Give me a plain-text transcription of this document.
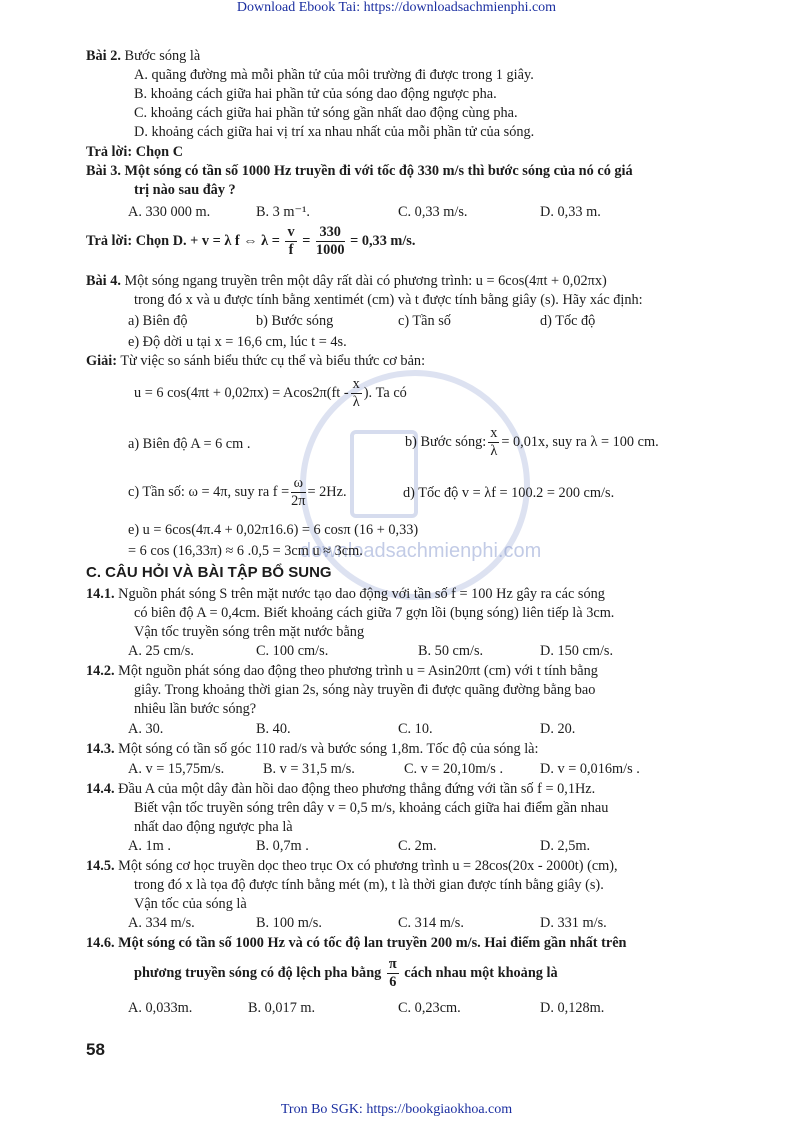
Download Ebook Tai: https://downloadsachmienphi.com
downloadsachmienphi.com
Bài 2. Bước sóng là
A. quãng đường mà mỗi phần tử của môi trường đi được trong 1 giây.
B. khoảng cách giữa hai phần tử của sóng dao động ngược pha.
C. khoảng cách giữa hai phần tử sóng gần nhất dao động cùng pha.
D. khoảng cách giữa hai vị trí xa nhau nhất của mỗi phần tử của sóng.
Trả lời: Chọn C
Bài 3. Một sóng có tần số 1000 Hz truyền đi với tốc độ 330 m/s thì bước sóng của nó có giá
trị nào sau đây ?
A. 330 000 m.	B. 3 m⁻¹.	C. 0,33 m/s.	D. 0,33 m.
Trả lời: Chọn D. + v = λ f ⇔ $\lambda = \frac{v}{f} = \frac{330}{1000} = 0,33$ m/s.
Bài 4. Một sóng ngang truyền trên một dây rất dài có phương trình: u = 6cos(4πt + 0,02πx)
trong đó x và u được tính bằng xentimét (cm) và t được tính bằng giây (s). Hãy xác định:
a) Biên độ	b) Bước sóng	c) Tần số	d) Tốc độ
e) Độ dời u tại x = 16,6 cm, lúc t = 4s.
Giải: Từ việc so sánh biểu thức cụ thể và biểu thức cơ bản:
u = 6 $\cos(4\pi t + 0,02\pi x) = Acos2\pi(ft - \frac{x}{\lambda}$ ). Ta có
a) Biên độ A = 6 cm .	b) Bước sóng: $\frac{x}{\lambda} = 0,01x$, suy ra λ = 100 cm.
c) Tần số: ω = 4π, suy ra $f = \frac{\omega}{2\pi} = 2Hz$.	d) Tốc độ v = λf = 100.2 = 200 cm/s.
e) u = 6cos(4π.4 + 0,02π16.6) = 6 cosπ (16 + 0,33)
= 6 cos (16,33π) ≈ 6 .0,5 = 3cm u ≈ 3cm.
C. CÂU HỎI VÀ BÀI TẬP BỔ SUNG
14.1. Nguồn phát sóng S trên mặt nước tạo dao động với tần số f = 100 Hz gây ra các sóng
có biên độ A = 0,4cm. Biết khoảng cách giữa 7 gợn lồi (bụng sóng) liên tiếp là 3cm.
Vận tốc truyền sóng trên mặt nước bằng
A. 25 cm/s.	C. 100 cm/s.	B. 50 cm/s.	D. 150 cm/s.
14.2. Một nguồn phát sóng dao động theo phương trình u = Asin20πt (cm) với t tính bằng
giây. Trong khoảng thời gian 2s, sóng này truyền đi được quãng đường bằng bao
nhiêu lần bước sóng?
A. 30.	B. 40.	C. 10.	D. 20.
14.3. Một sóng có tần số góc 110 rad/s và bước sóng 1,8m. Tốc độ của sóng là:
A. v = 15,75m/s.	B. v = 31,5 m/s.	C. v = 20,10m/s .	D. v = 0,016m/s .
14.4. Đầu A của một dây đàn hồi dao động theo phương thẳng đứng với tần số f = 0,1Hz.
Biết vận tốc truyền sóng trên dây v = 0,5 m/s, khoảng cách giữa hai điểm gần nhau
nhất dao động ngược pha là
A. 1m .	B. 0,7m .	C. 2m.	D. 2,5m.
14.5. Một sóng cơ học truyền dọc theo trục Ox có phương trình u = 28cos(20x - 2000t) (cm),
trong đó x là tọa độ được tính bằng mét (m), t là thời gian được tính bằng giây (s).
Vận tốc của sóng là
A. 334 m/s.	B. 100 m/s.	C. 314 m/s.	D. 331 m/s.
14.6. Một sóng có tần số 1000 Hz và có tốc độ lan truyền 200 m/s. Hai điểm gần nhất trên
phương truyền sóng có độ lệch pha bằng $\frac{\pi}{6}$ cách nhau một khoảng là
A. 0,033m.	B. 0,017 m.	C. 0,23cm.	D. 0,128m.
58
Tron Bo SGK: https://bookgiaokhoa.com
